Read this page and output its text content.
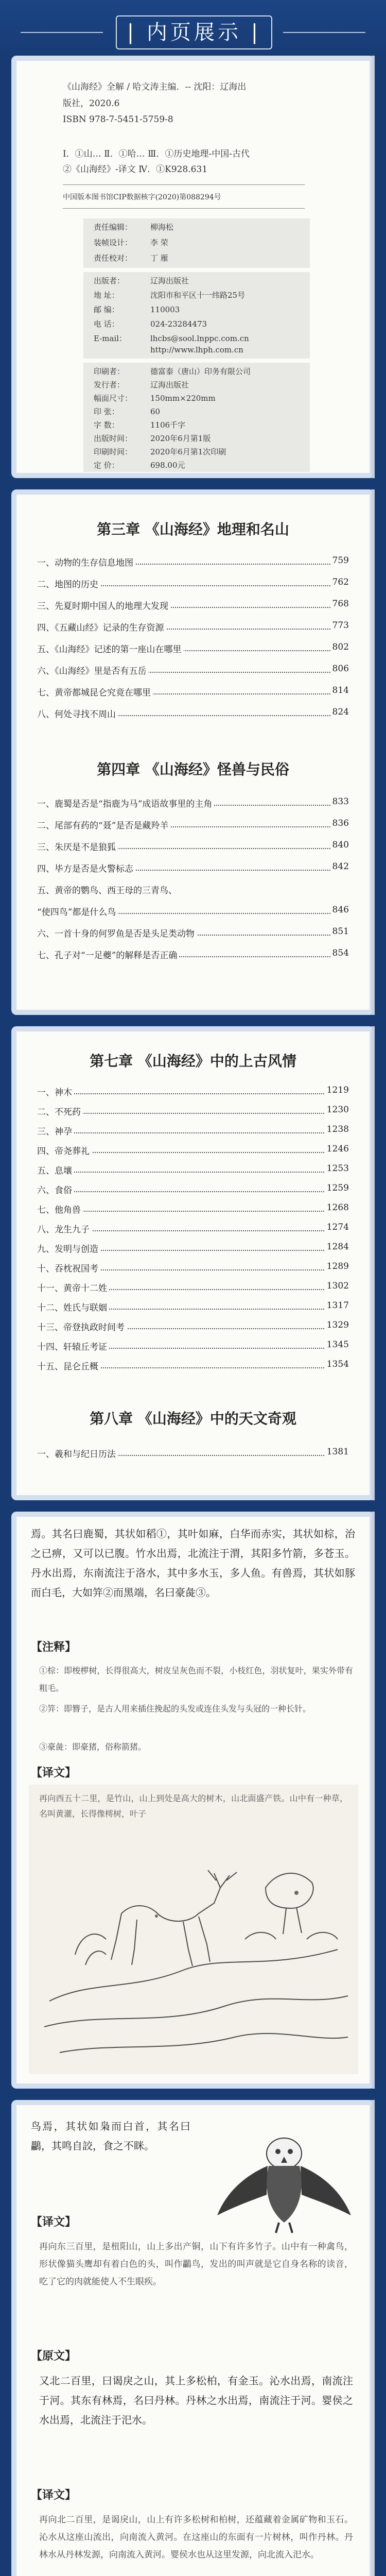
| 内页展示 |
《山海经》全解 / 哈文涛主编．-- 沈阳：辽海出
版社，2020.6
ISBN 978-7-5451-5759-8
Ⅰ．①山… Ⅱ．①哈… Ⅲ．①历史地理-中国-古代
②《山海经》-译文 Ⅳ．①K928.631
中国版本图书馆CIP数据核字(2020)第088294号
责任编辑： 柳海松
装帧设计： 李 荣
责任校对： 丁 雁
出版者：	辽海出版社
地 址：	沈阳市和平区十一纬路25号
邮 编：	110003
电 话：	024-23284473
E-mail：	lhcbs@sool.lnppc.com.cn
http://www.lhph.com.cn
印刷者：	德富泰（唐山）印务有限公司
发行者：	辽海出版社
幅面尺寸： 150mm×220mm
印 张：	60
字 数：	1106千字
出版时间： 2020年6月第1版
印刷时间： 2020年6月第1次印刷
定 价：	698.00元
第三章 《山海经》地理和名山
一、动物的生存信息地图	759
二、地图的历史	762
三、先夏时期中国人的地理大发现	768
四、《五藏山经》记录的生存资源	773
五、《山海经》记述的第一座山在哪里	802
六、《山海经》里是否有五岳	806
七、黄帝都城昆仑究竟在哪里	814
八、何处寻找不周山	824
第四章 《山海经》怪兽与民俗
一、鹿蜀是否是“指鹿为马”成语故事里的主角	833
二、尾部有药的“聂”是否是藏羚羊	836
三、朱厌是不是狼狐	840
四、毕方是否是火警标志	842
五、黄帝的鹦鸟、西王母的三青鸟、
“使四鸟”都是什么鸟	846
六、一首十身的何罗鱼是否是头足类动物	851
七、孔子对“一足夔”的解释是否正确	854
第七章 《山海经》中的上古风情
一、神木	1219
二、不死药	1230
三、神孕	1238
四、帝尧葬礼	1246
五、息壤	1253
六、食俗	1259
七、他角兽	1268
八、龙生九子	1274
九、发明与创造	1284
十、吞枕祝国考	1289
十一、黄帝十二姓	1302
十二、姓氏与联姻	1317
十三、帝登执政时间考	1329
十四、轩辕丘考证	1345
十五、昆仑丘概	1354
第八章 《山海经》中的天文奇观
一、羲和与纪日历法	1381
焉。其名曰鹿蜀，其状如稻①，其叶如麻，白华而赤实，其状如棕，治之已痹，又可以已腹。竹水出焉，北流注于渭，其阳多竹箭，多苍玉。丹水出焉，东南流注于洛水，其中多水玉，多人鱼。有兽焉，其状如豚而白毛，大如笄②而黑端，名曰豪彘③。
【注释】
①棕：即梭椤树，长得很高大，树皮呈灰色而不裂，小枝红色，羽状复叶，果实外带有粗毛。
②笄：即簪子，是古人用来插住挽起的头发或连住头发与头冠的一种长针。
③豪彘：即豪猪，俗称箭猪。
【译文】
再向西五十二里，是竹山，山上到处是高大的树木，山北面盛产铁。山中有一种草，名叫黄灌，长得像樗树，叶子
鸟焉，其状如枭而白首，其名曰鸓，其鸣自詨，食之不眯。
【译文】
再向东三百里，是杻阳山，山上多出产铜，山下有许多竹子。山中有一种禽鸟，形状像猫头鹰却有着白色的头，叫作鸓鸟，发出的叫声就是它自身名称的读音，吃了它的肉就能使人不生眼疾。
【原文】
又北二百里，曰谒戾之山，其上多松柏，有金玉。沁水出焉，南流注于河。其东有林焉，名曰丹林。丹林之水出焉，南流注于河。婴侯之水出焉，北流注于汜水。
【译文】
再向北二百里，是谒戾山，山上有许多松树和柏树，还蕴藏着金属矿物和玉石。沁水从这座山流出，向南流入黄河。在这座山的东面有一片树林，叫作丹林。丹林水从丹林发源，向南流入黄河。婴侯水也从这里发源，向北流入汜水。
